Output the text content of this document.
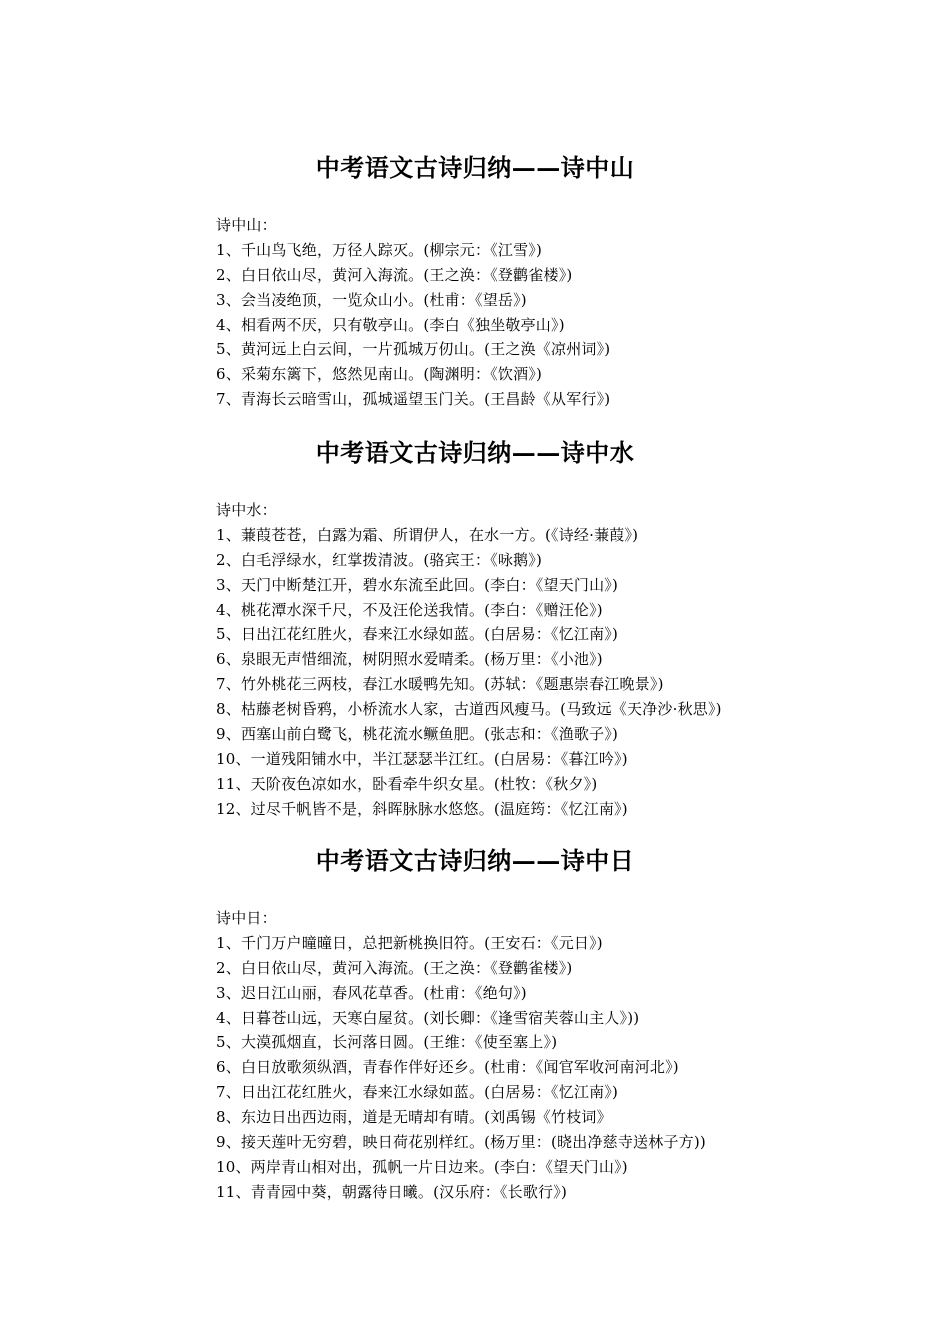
中考语文古诗归纳——诗中山
诗中山：
1、千山鸟飞绝，万径人踪灭。(柳宗元：《江雪》)
2、白日依山尽，黄河入海流。(王之涣：《登鹳雀楼》)
3、会当凌绝顶，一览众山小。(杜甫：《望岳》)
4、相看两不厌，只有敬亭山。(李白《独坐敬亭山》)
5、黄河远上白云间，一片孤城万仞山。(王之涣《凉州词》)
6、采菊东篱下，悠然见南山。(陶渊明：《饮酒》)
7、青海长云暗雪山，孤城遥望玉门关。(王昌龄《从军行》)
中考语文古诗归纳——诗中水
诗中水：
1、蒹葭苍苍，白露为霜、所谓伊人，在水一方。(《诗经·蒹葭》)
2、白毛浮绿水，红掌拨清波。(骆宾王：《咏鹅》)
3、天门中断楚江开，碧水东流至此回。(李白：《望天门山》)
4、桃花潭水深千尺，不及汪伦送我情。(李白：《赠汪伦》)
5、日出江花红胜火，春来江水绿如蓝。(白居易：《忆江南》)
6、泉眼无声惜细流，树阴照水爱晴柔。(杨万里：《小池》)
7、竹外桃花三两枝，春江水暖鸭先知。(苏轼：《题惠崇春江晚景》)
8、枯藤老树昏鸦，小桥流水人家，古道西风瘦马。(马致远《天净沙·秋思》)
9、西塞山前白鹭飞，桃花流水鳜鱼肥。(张志和：《渔歌子》)
10、一道残阳铺水中，半江瑟瑟半江红。(白居易：《暮江吟》)
11、天阶夜色凉如水，卧看牵牛织女星。(杜牧：《秋夕》)
12、过尽千帆皆不是，斜晖脉脉水悠悠。(温庭筠：《忆江南》)
中考语文古诗归纳——诗中日
诗中日：
1、千门万户曈曈日，总把新桃换旧符。(王安石：《元日》)
2、白日依山尽，黄河入海流。(王之涣：《登鹳雀楼》)
3、迟日江山丽，春风花草香。(杜甫：《绝句》)
4、日暮苍山远，天寒白屋贫。(刘长卿：《逢雪宿芙蓉山主人》))
5、大漠孤烟直，长河落日圆。(王维：《使至塞上》)
6、白日放歌须纵酒，青春作伴好还乡。(杜甫：《闻官军收河南河北》)
7、日出江花红胜火，春来江水绿如蓝。(白居易：《忆江南》)
8、东边日出西边雨，道是无晴却有晴。(刘禹锡《竹枝词》
9、接天莲叶无穷碧，映日荷花别样红。(杨万里：(晓出净慈寺送林子方))
10、两岸青山相对出，孤帆一片日边来。(李白：《望天门山》)
11、青青园中葵，朝露待日曦。(汉乐府：《长歌行》)
